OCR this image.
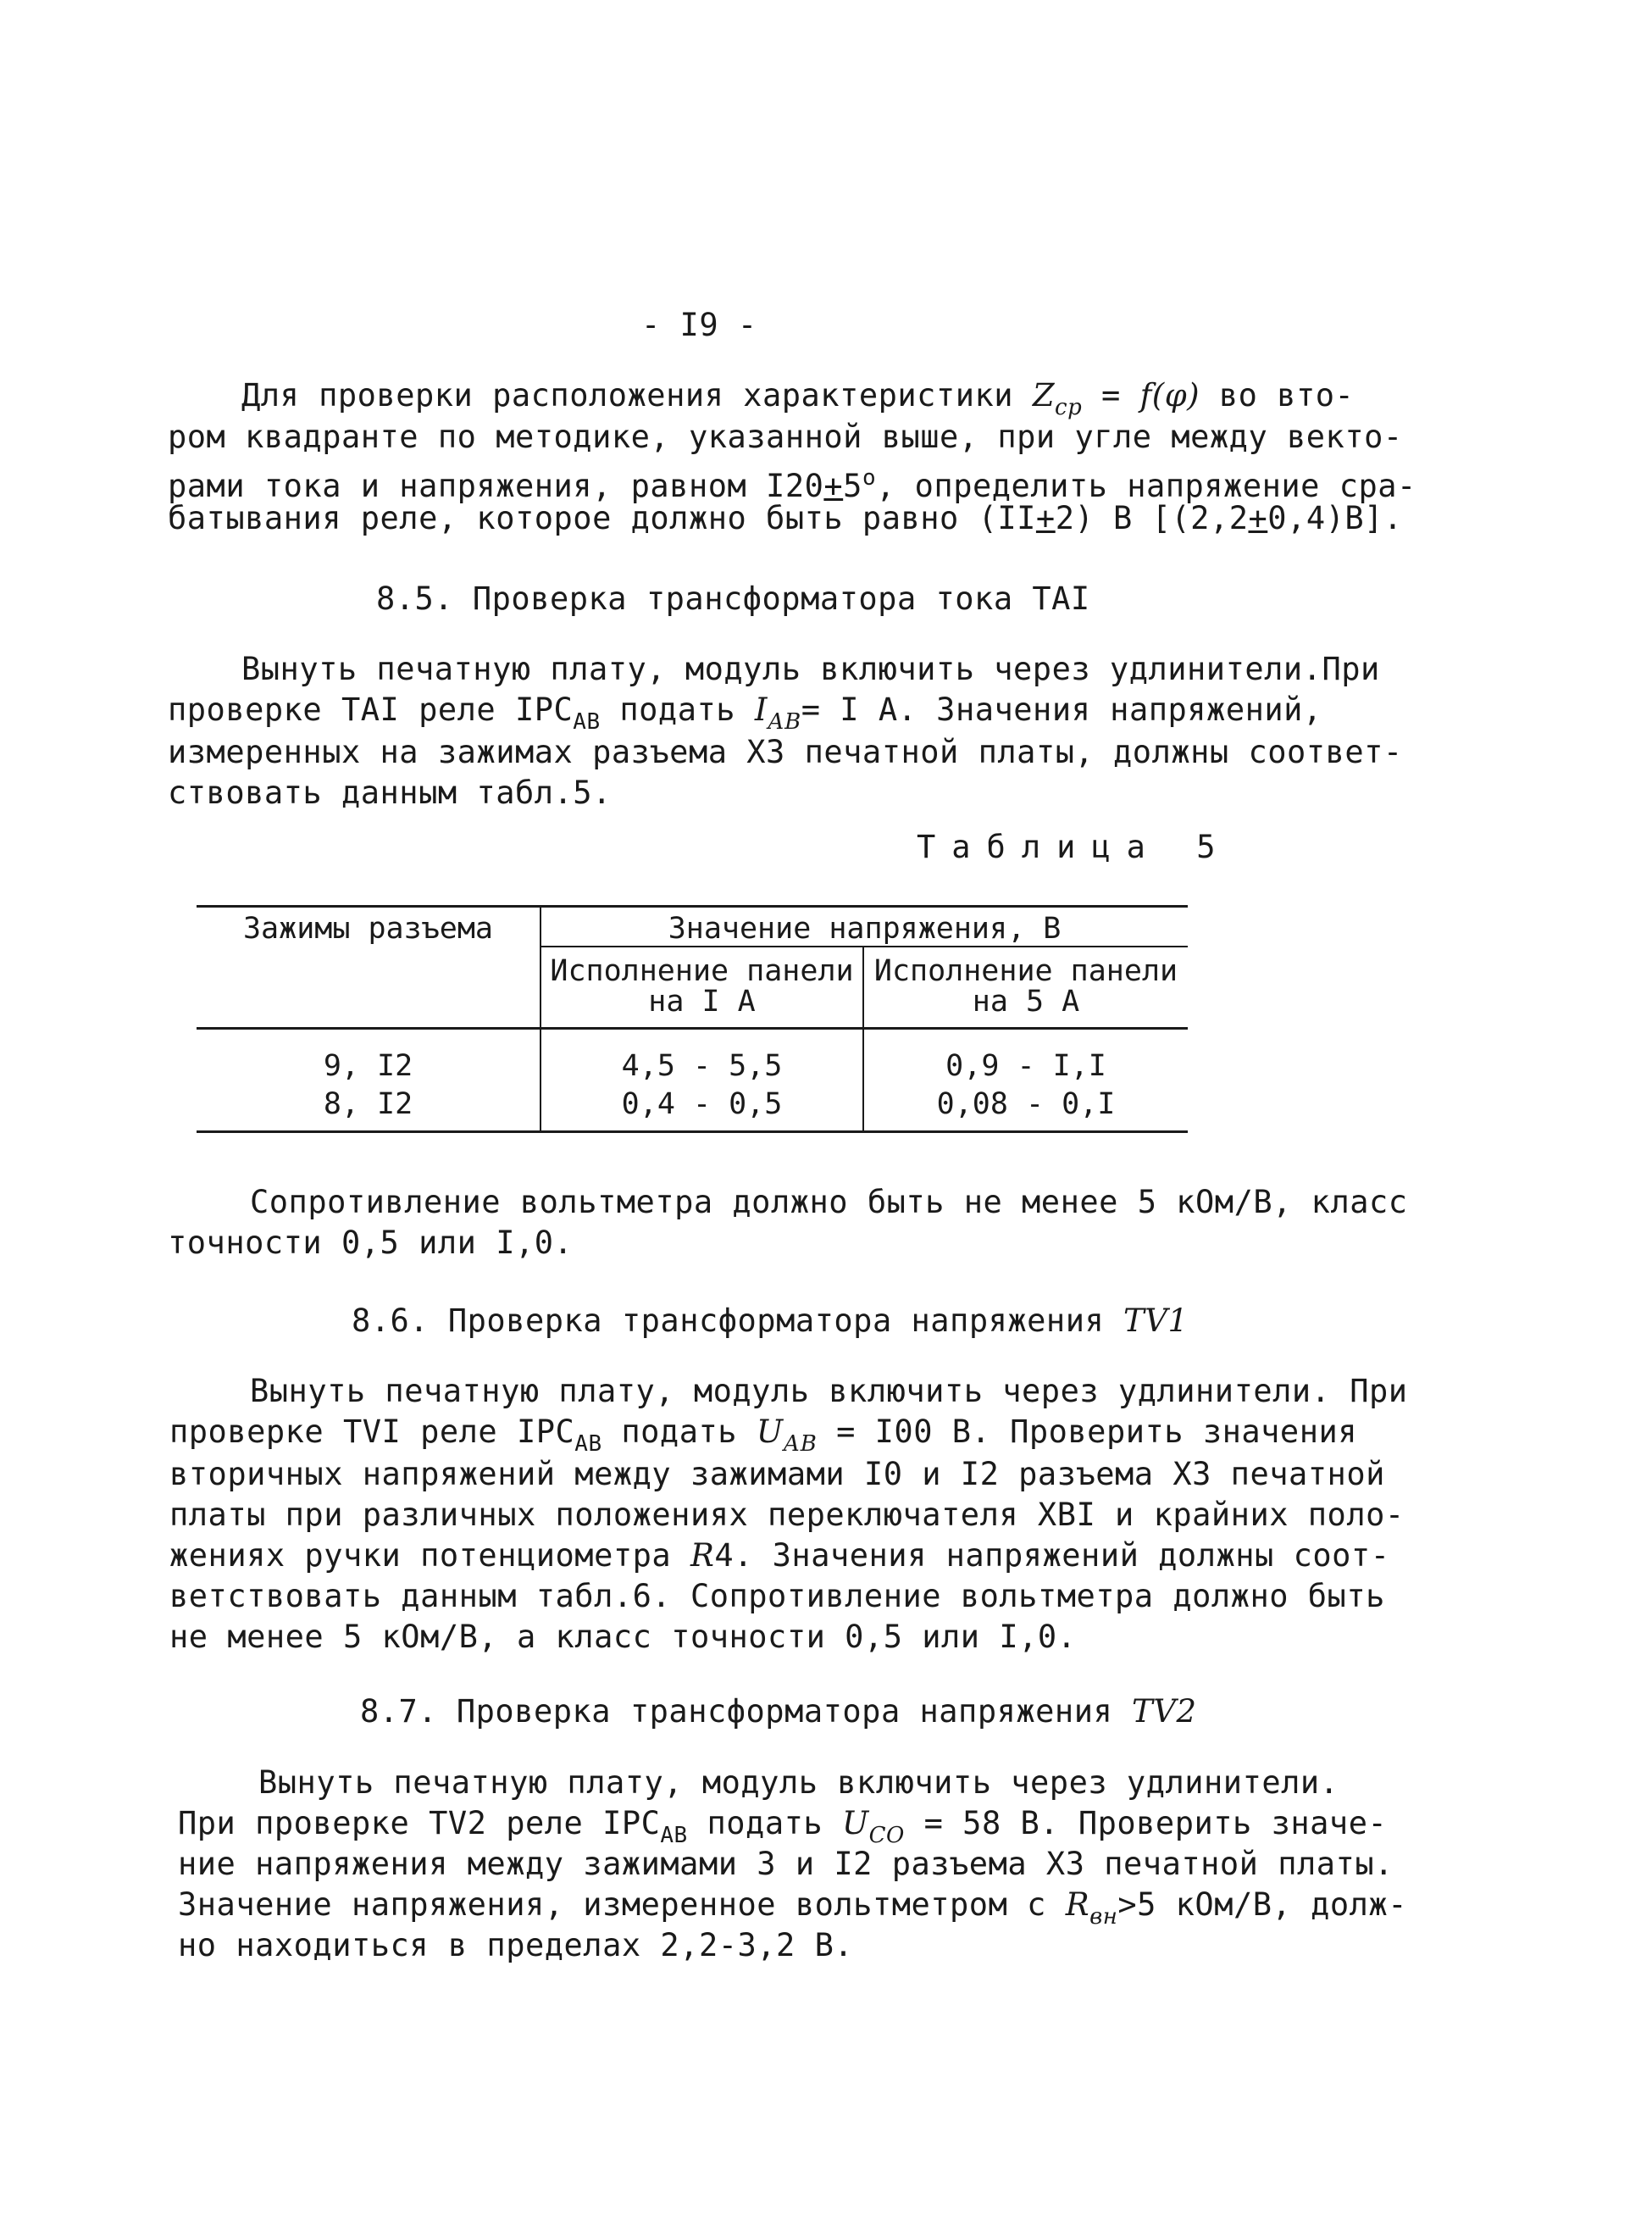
- I9 -
Для проверки расположения характеристики $Z_{ср} = f(\varphi)$ во вто-
ром квадранте по методике, указанной выше, при угле между векто-
рами тока и напряжения, равном $I20+5^o$, определить напряжение сра-
батывания реле, которое должно быть равно (II+2) В [(2,2+0,4)В].
8.5. Проверка трансформатора тока ТАI
Вынуть печатную плату, модуль включить через удлинители.При
проверке ТАI реле $IРС_{АВ}$ подать $I_{АВ}= I$ А. Значения напряжений,
измеренных на зажимах разъема Х3 печатной платы, должны соответ-
ствовать данным табл.5.
Таблица 5
Зажимы разъема	Значение напряжения, В
Исполнение панели
на I А
Исполнение панели
на 5 А
9, I2	4,5 - 5,5	0,9 - I,I
8, I2	0,4 - 0,5	0,08 - 0,I
Сопротивление вольтметра должно быть не менее 5 кОм/В, класс
точности 0,5 или I,0.
8.6. Проверка трансформатора напряжения TV1
Вынуть печатную плату, модуль включить через удлинители. При
проверке ТVI реле $IРС_{АВ}$ подать $U_{АВ} = I00$ В. Проверить значения
вторичных напряжений между зажимами I0 и I2 разъема Х3 печатной
платы при различных положениях переключателя ХВI и крайних поло-
жениях ручки потенциометра R4. Значения напряжений должны соот-
ветствовать данным табл.6. Сопротивление вольтметра должно быть
не менее 5 кОм/В, а класс точности 0,5 или I,0.
8.7. Проверка трансформатора напряжения TV2
Вынуть печатную плату, модуль включить через удлинители.
При проверке ТV2 реле $IРС_{АВ}$ подать $U_{СО} = 58$ В. Проверить значе-
ние напряжения между зажимами 3 и I2 разъема Х3 печатной платы.
Значение напряжения, измеренное вольтметром с $R_{вн}>5$ кОм/В, долж-
но находиться в пределах 2,2-3,2 В.
